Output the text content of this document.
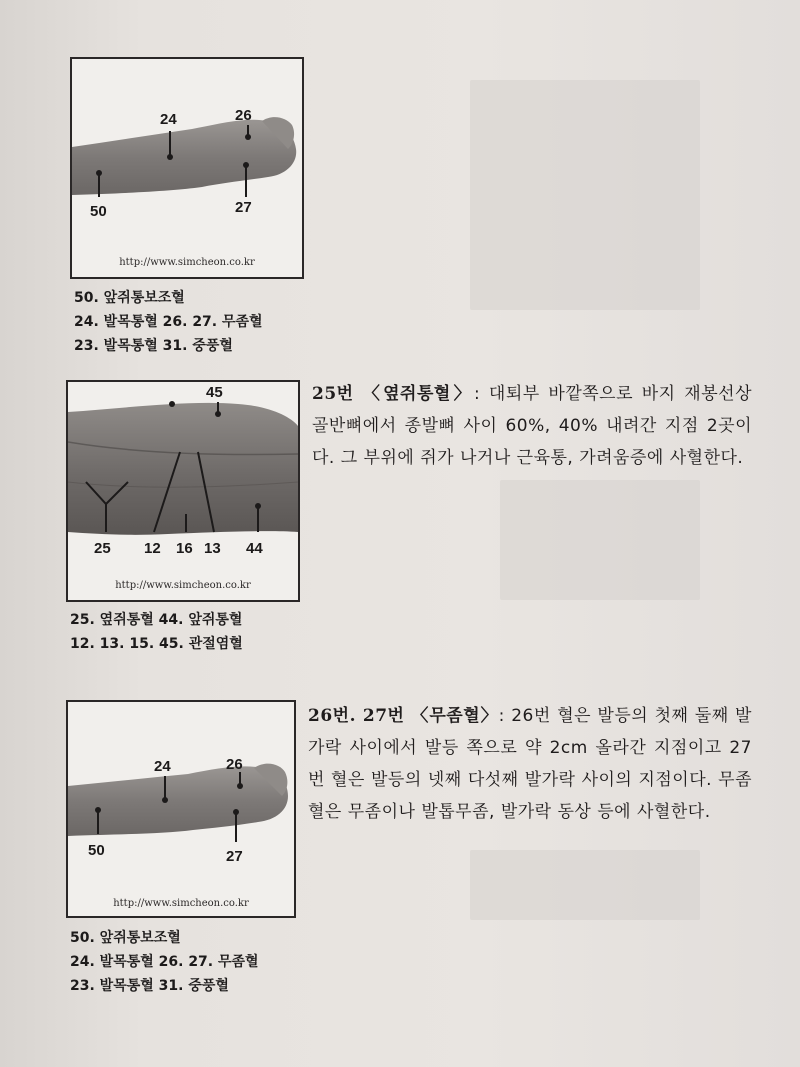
24	26
50	27
http://www.simcheon.co.kr
50. 앞쥐통보조혈
24. 발목통혈 26. 27. 무좀혈
23. 발목통혈 31. 중풍혈
45
25 12 16 13 44
http://www.simcheon.co.kr
25. 옆쥐통혈 44. 앞쥐통혈
12. 13. 15. 45. 관절염혈
25번 〈옆쥐통혈〉: 대퇴부 바깥쪽으로 바지 재봉선상 골반뼈에서 종발뼈 사이 60%, 40% 내려간 지점 2곳이다. 그 부위에 쥐가 나거나 근육통, 가려움증에 사혈한다.
24	26
50	27
http://www.simcheon.co.kr
50. 앞쥐통보조혈
24. 발목통혈 26. 27. 무좀혈
23. 발목통혈 31. 중풍혈
26번. 27번 〈무좀혈〉: 26번 혈은 발등의 첫째 둘째 발가락 사이에서 발등 쪽으로 약 2cm 올라간 지점이고 27번 혈은 발등의 넷째 다섯째 발가락 사이의 지점이다. 무좀혈은 무좀이나 발톱무좀, 발가락 동상 등에 사혈한다.
